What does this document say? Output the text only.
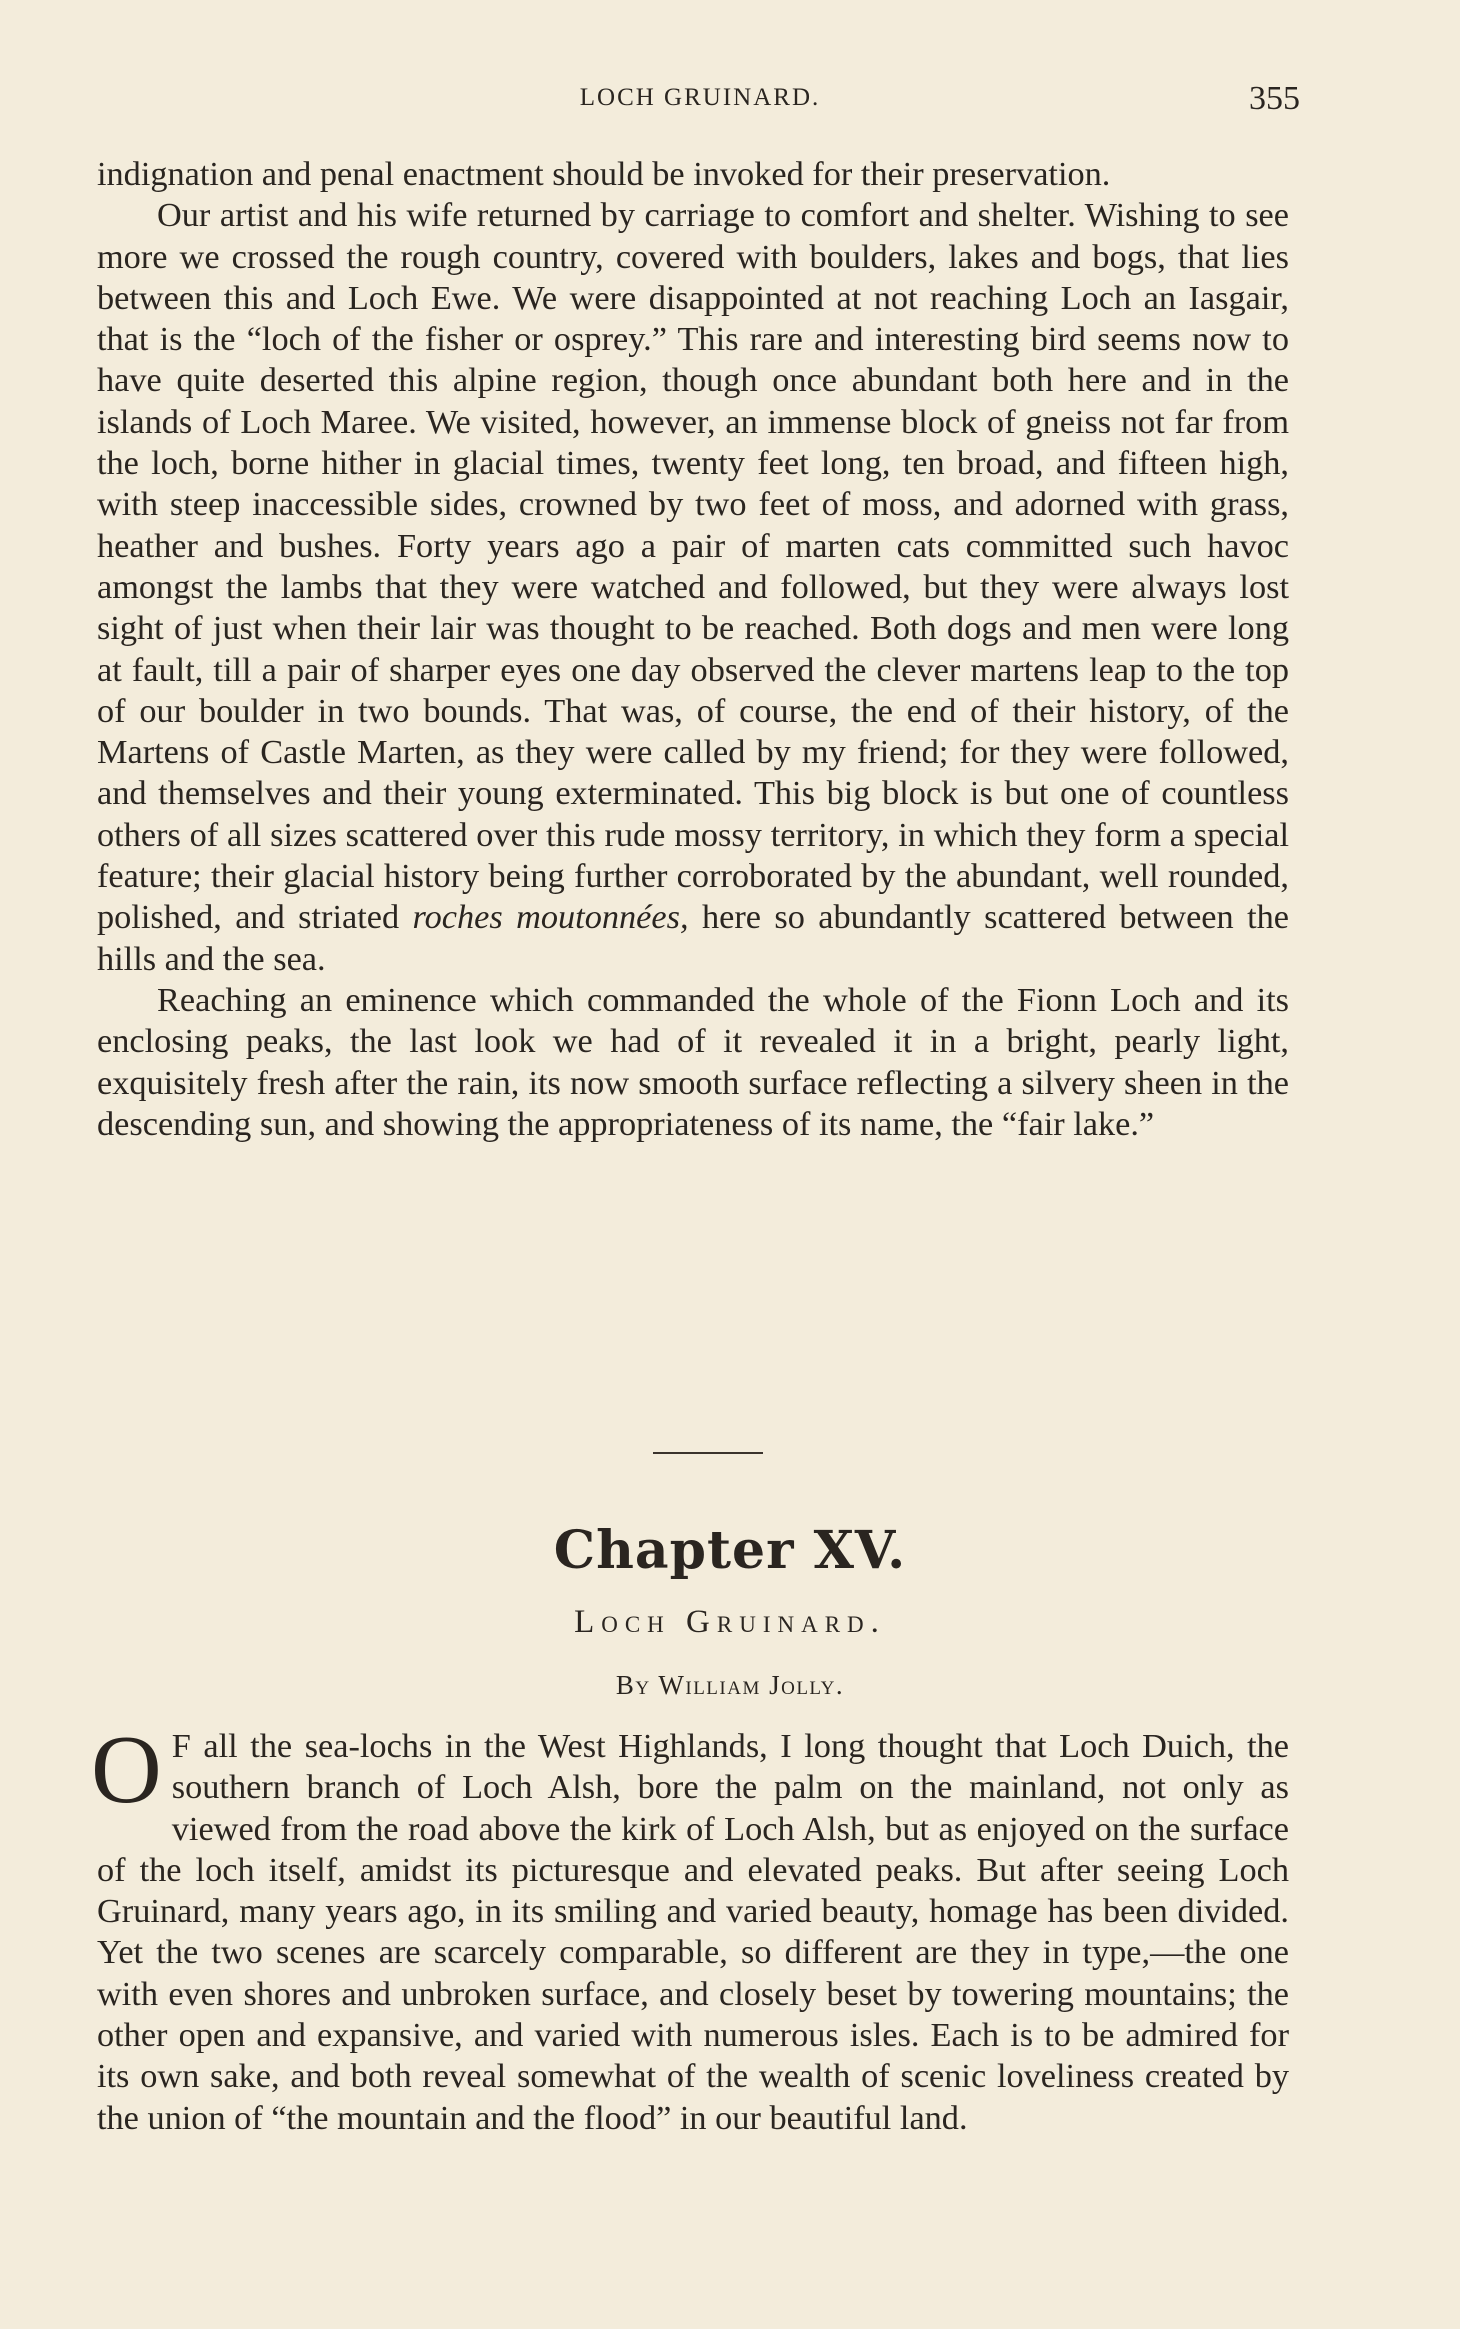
LOCH GRUINARD.	355

indignation and penal enactment should be invoked for their preservation.

Our artist and his wife returned by carriage to comfort and shelter. Wishing to see more we crossed the rough country, covered with boulders, lakes and bogs, that lies between this and Loch Ewe. We were disappointed at not reaching Loch an Iasgair, that is the “loch of the fisher or osprey.” This rare and interesting bird seems now to have quite deserted this alpine region, though once abundant both here and in the islands of Loch Maree. We visited, however, an immense block of gneiss not far from the loch, borne hither in glacial times, twenty feet long, ten broad, and fifteen high, with steep inaccessible sides, crowned by two feet of moss, and adorned with grass, heather and bushes. Forty years ago a pair of marten cats committed such havoc amongst the lambs that they were watched and followed, but they were always lost sight of just when their lair was thought to be reached. Both dogs and men were long at fault, till a pair of sharper eyes one day observed the clever martens leap to the top of our boulder in two bounds. That was, of course, the end of their history, of the Martens of Castle Marten, as they were called by my friend; for they were followed, and themselves and their young exterminated. This big block is but one of countless others of all sizes scattered over this rude mossy territory, in which they form a special feature; their glacial history being further corroborated by the abundant, well rounded, polished, and striated roches moutonnées, here so abundantly scattered between the hills and the sea.

Reaching an eminence which commanded the whole of the Fionn Loch and its enclosing peaks, the last look we had of it revealed it in a bright, pearly light, exquisitely fresh after the rain, its now smooth surface reflecting a silvery sheen in the descending sun, and showing the appropriateness of its name, the “fair lake.”

Chapter XV.
Loch Gruinard.
By William Jolly.

O F all the sea-lochs in the West Highlands, I long thought that Loch Duich, the southern branch of Loch Alsh, bore the palm on the mainland, not only as viewed from the road above the kirk of Loch Alsh, but as enjoyed on the surface of the loch itself, amidst its picturesque and elevated peaks. But after seeing Loch Gruinard, many years ago, in its smiling and varied beauty, homage has been divided. Yet the two scenes are scarcely comparable, so different are they in type,—the one with even shores and unbroken surface, and closely beset by towering mountains; the other open and expansive, and varied with numerous isles. Each is to be admired for its own sake, and both reveal somewhat of the wealth of scenic loveliness created by the union of “the mountain and the flood” in our beautiful land.
